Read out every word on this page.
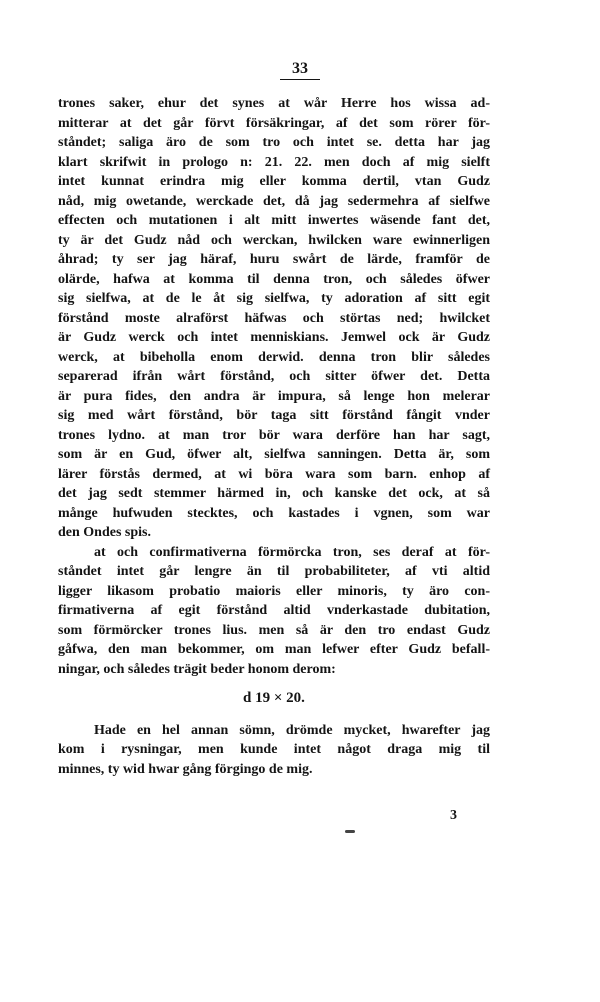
33
trones saker, ehur det synes at wår Herre hos wissa ad-
mitterar at det går förvt försäkringar, af det som rörer för-
ståndet; saliga äro de som tro och intet se. detta har jag
klart skrifwit in prologo n: 21. 22. men doch af mig sielft
intet kunnat erindra mig eller komma dertil, vtan Gudz
nåd, mig owetande, werckade det, då jag sedermehra af sielfwe
effecten och mutationen i alt mitt inwertes wäsende fant det,
ty är det Gudz nåd och werckan, hwilcken ware ewinnerligen
åhrad; ty ser jag häraf, huru swårt de lärde, framför de
olärde, hafwa at komma til denna tron, och således öfwer
sig sielfwa, at de le åt sig sielfwa, ty adoration af sitt egit
förstånd moste alraförst häfwas och störtas ned; hwilcket
är Gudz werck och intet menniskians. Jemwel ock är Gudz
werck, at bibeholla enom derwid. denna tron blir således
separerad ifrån wårt förstånd, och sitter öfwer det. Detta
är pura fides, den andra är impura, så lenge hon melerar
sig med wårt förstånd, bör taga sitt förstånd fångit vnder
trones lydno. at man tror bör wara derföre han har sagt,
som är en Gud, öfwer alt, sielfwa sanningen. Detta är, som
lärer förstås dermed, at wi böra wara som barn. enhop af
det jag sedt stemmer härmed in, och kanske det ock, at så
månge hufwuden stecktes, och kastades i vgnen, som war
den Ondes spis.
at och confirmativerna förmörcka tron, ses deraf at för-
ståndet intet går lengre än til probabiliteter, af vti altid
ligger likasom probatio maioris eller minoris, ty äro con-
firmativerna af egit förstånd altid vnderkastade dubitation,
som förmörcker trones lius. men så är den tro endast Gudz
gåfwa, den man bekommer, om man lefwer efter Gudz befall-
ningar, och således trägit beder honom derom:
d 19 × 20.
Hade en hel annan sömn, drömde mycket, hwarefter jag
kom i rysningar, men kunde intet något draga mig til
minnes, ty wid hwar gång förgingo de mig.
3
